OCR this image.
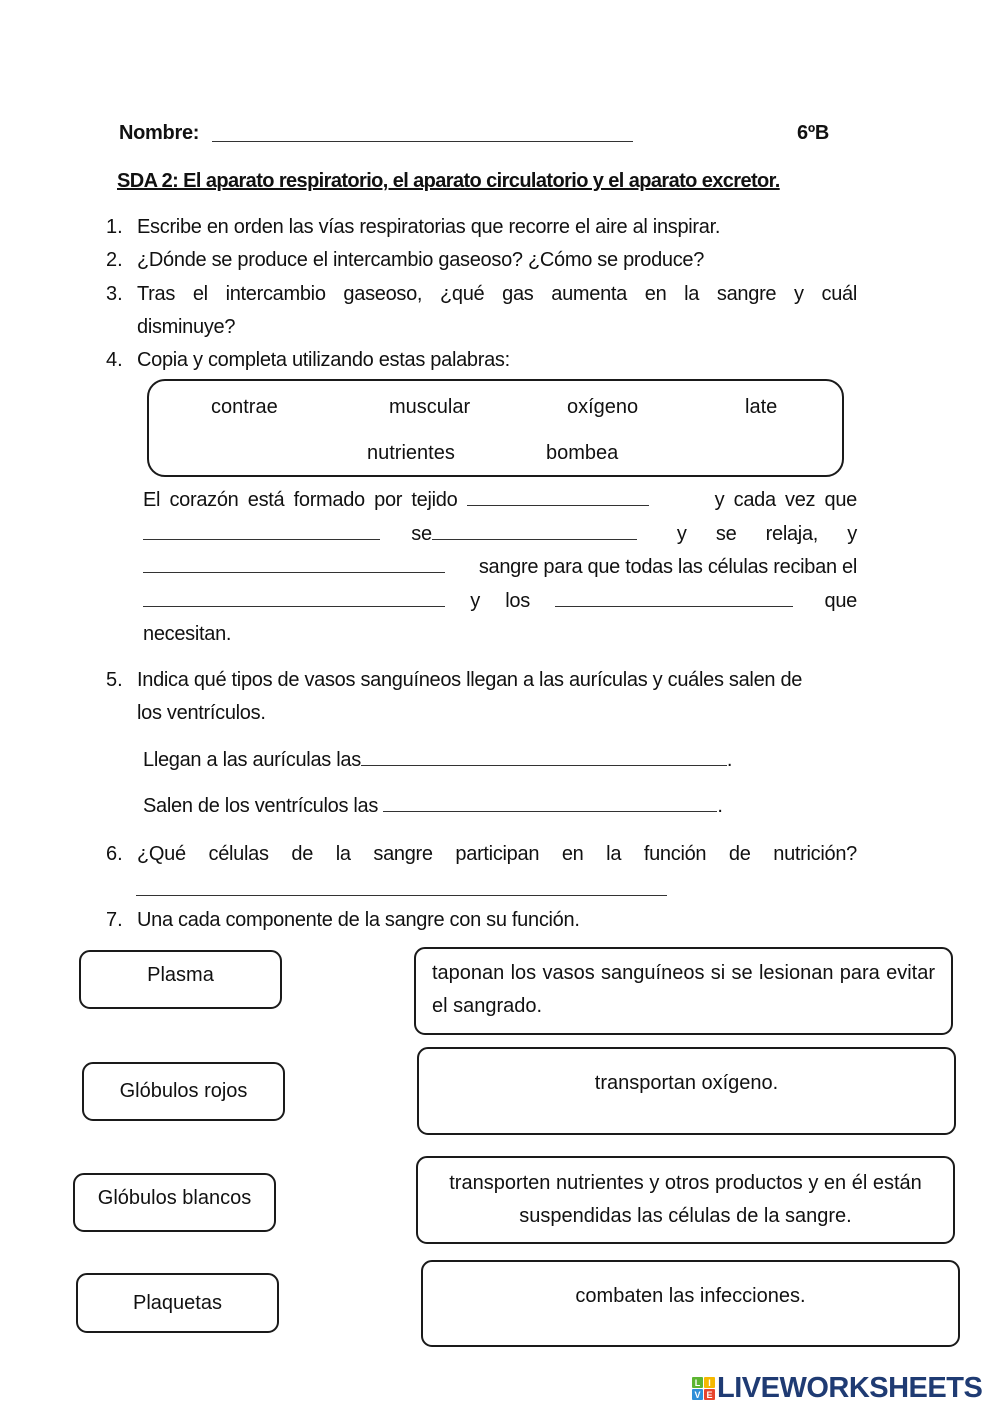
Nombre:	6ºB
SDA 2: El aparato respiratorio, el aparato circulatorio y el aparato excretor.
1. Escribe en orden las vías respiratorias que recorre el aire al inspirar.
2. ¿Dónde se produce el intercambio gaseoso? ¿Cómo se produce?
3. Tras el intercambio gaseoso, ¿qué gas aumenta en la sangre y cuál
disminuye?
4. Copia y completa utilizando estas palabras:
contrae	muscular	oxígeno	late
nutrientes	bombea
El corazón está formado por tejido	y cada vez que
se	y se relaja, y
sangre para que todas las células reciban el
y los	que
necesitan.
5. Indica qué tipos de vasos sanguíneos llegan a las aurículas y cuáles salen de
los ventrículos.
Llegan a las aurículas las	.
Salen de los ventrículos las	.
6. ¿Qué células de la sangre participan en la función de nutrición?
7. Una cada componente de la sangre con su función.
Plasma
Glóbulos rojos
Glóbulos blancos
Plaquetas
taponan los vasos sanguíneos si se lesionan para evitar el sangrado.
transportan oxígeno.
transporten nutrientes y otros productos y en él están suspendidas las células de la sangre.
combaten las infecciones.
L I
V E LIVEWORKSHEETS
